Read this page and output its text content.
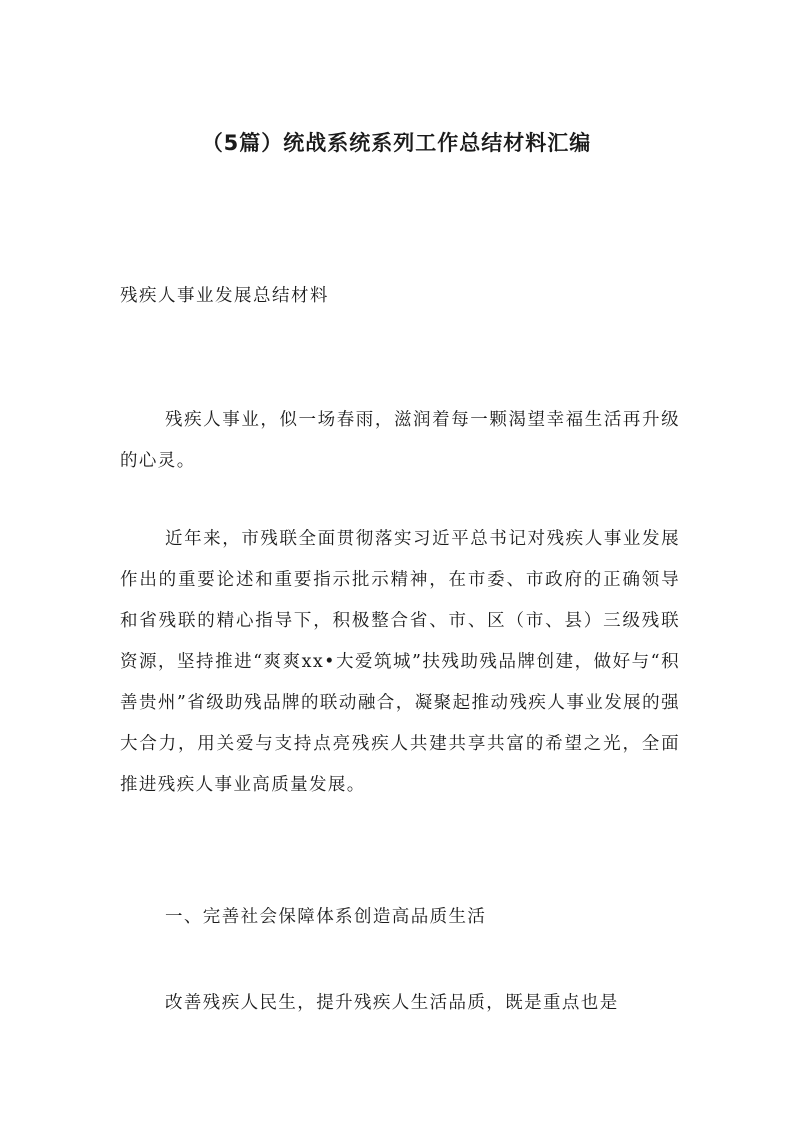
（5篇）统战系统系列工作总结材料汇编

残疾人事业发展总结材料

残疾人事业，似一场春雨，滋润着每一颗渴望幸福生活再升级的心灵。

近年来，市残联全面贯彻落实习近平总书记对残疾人事业发展作出的重要论述和重要指示批示精神，在市委、市政府的正确领导和省残联的精心指导下，积极整合省、市、区（市、县）三级残联资源，坚持推进“爽爽xx•大爱筑城”扶残助残品牌创建，做好与“积善贵州”省级助残品牌的联动融合，凝聚起推动残疾人事业发展的强大合力，用关爱与支持点亮残疾人共建共享共富的希望之光，全面推进残疾人事业高质量发展。

一、完善社会保障体系创造高品质生活

改善残疾人民生，提升残疾人生活品质，既是重点也是
